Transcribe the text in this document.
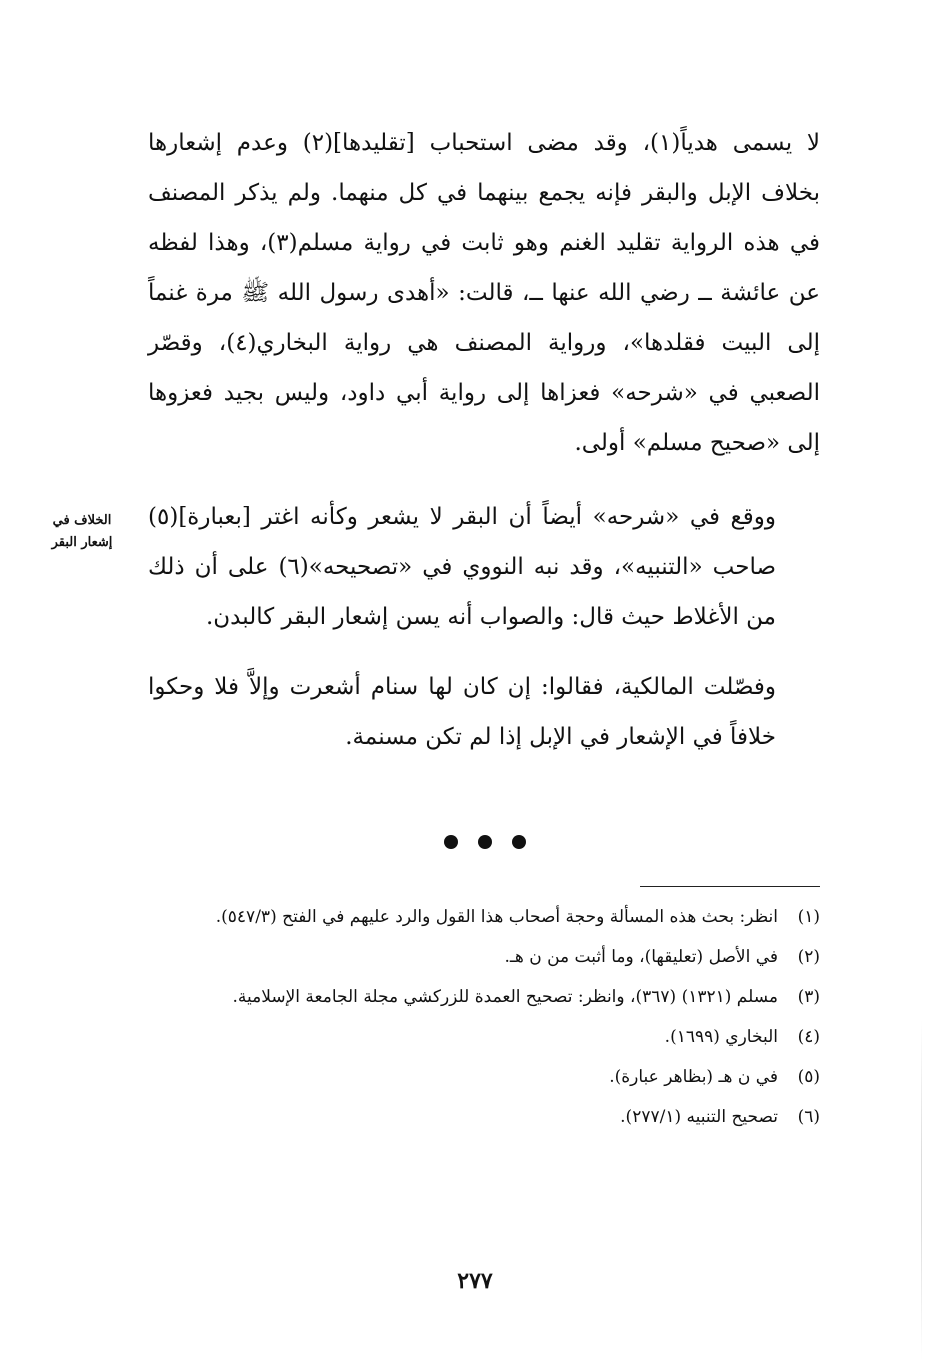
لا يسمى هدياً(١)، وقد مضى استحباب [تقليدها](٢) وعدم إشعارها بخلاف الإبل والبقر فإنه يجمع بينهما في كل منهما. ولم يذكر المصنف في هذه الرواية تقليد الغنم وهو ثابت في رواية مسلم(٣)، وهذا لفظه عن عائشة ــ رضي الله عنها ــ، قالت: «أهدى رسول الله ﷺ مرة غنماً إلى البيت فقلدها»، ورواية المصنف هي رواية البخاري(٤)، وقصّر الصعبي في «شرحه» فعزاها إلى رواية أبي داود، وليس بجيد فعزوها إلى «صحيح مسلم» أولى.
الخلاف في إشعار البقر
ووقع في «شرحه» أيضاً أن البقر لا يشعر وكأنه اغتر [بعبارة](٥) صاحب «التنبيه»، وقد نبه النووي في «تصحيحه»(٦) على أن ذلك من الأغلاط حيث قال: والصواب أنه يسن إشعار البقر كالبدن.
وفصّلت المالكية، فقالوا: إن كان لها سنام أشعرت وإلاَّ فلا وحكوا خلافاً في الإشعار في الإبل إذا لم تكن مسنمة.
(١)
انظر: بحث هذه المسألة وحجة أصحاب هذا القول والرد عليهم في الفتح (٥٤٧/٣).
(٢)
في الأصل (تعليقها)، وما أثبت من ن هـ.
(٣)
مسلم (١٣٢١) (٣٦٧)، وانظر: تصحيح العمدة للزركشي مجلة الجامعة الإسلامية.
(٤)
البخاري (١٦٩٩).
(٥)
في ن هـ (بظاهر عبارة).
(٦)
تصحيح التنبيه (٢٧٧/١).
٢٧٧
